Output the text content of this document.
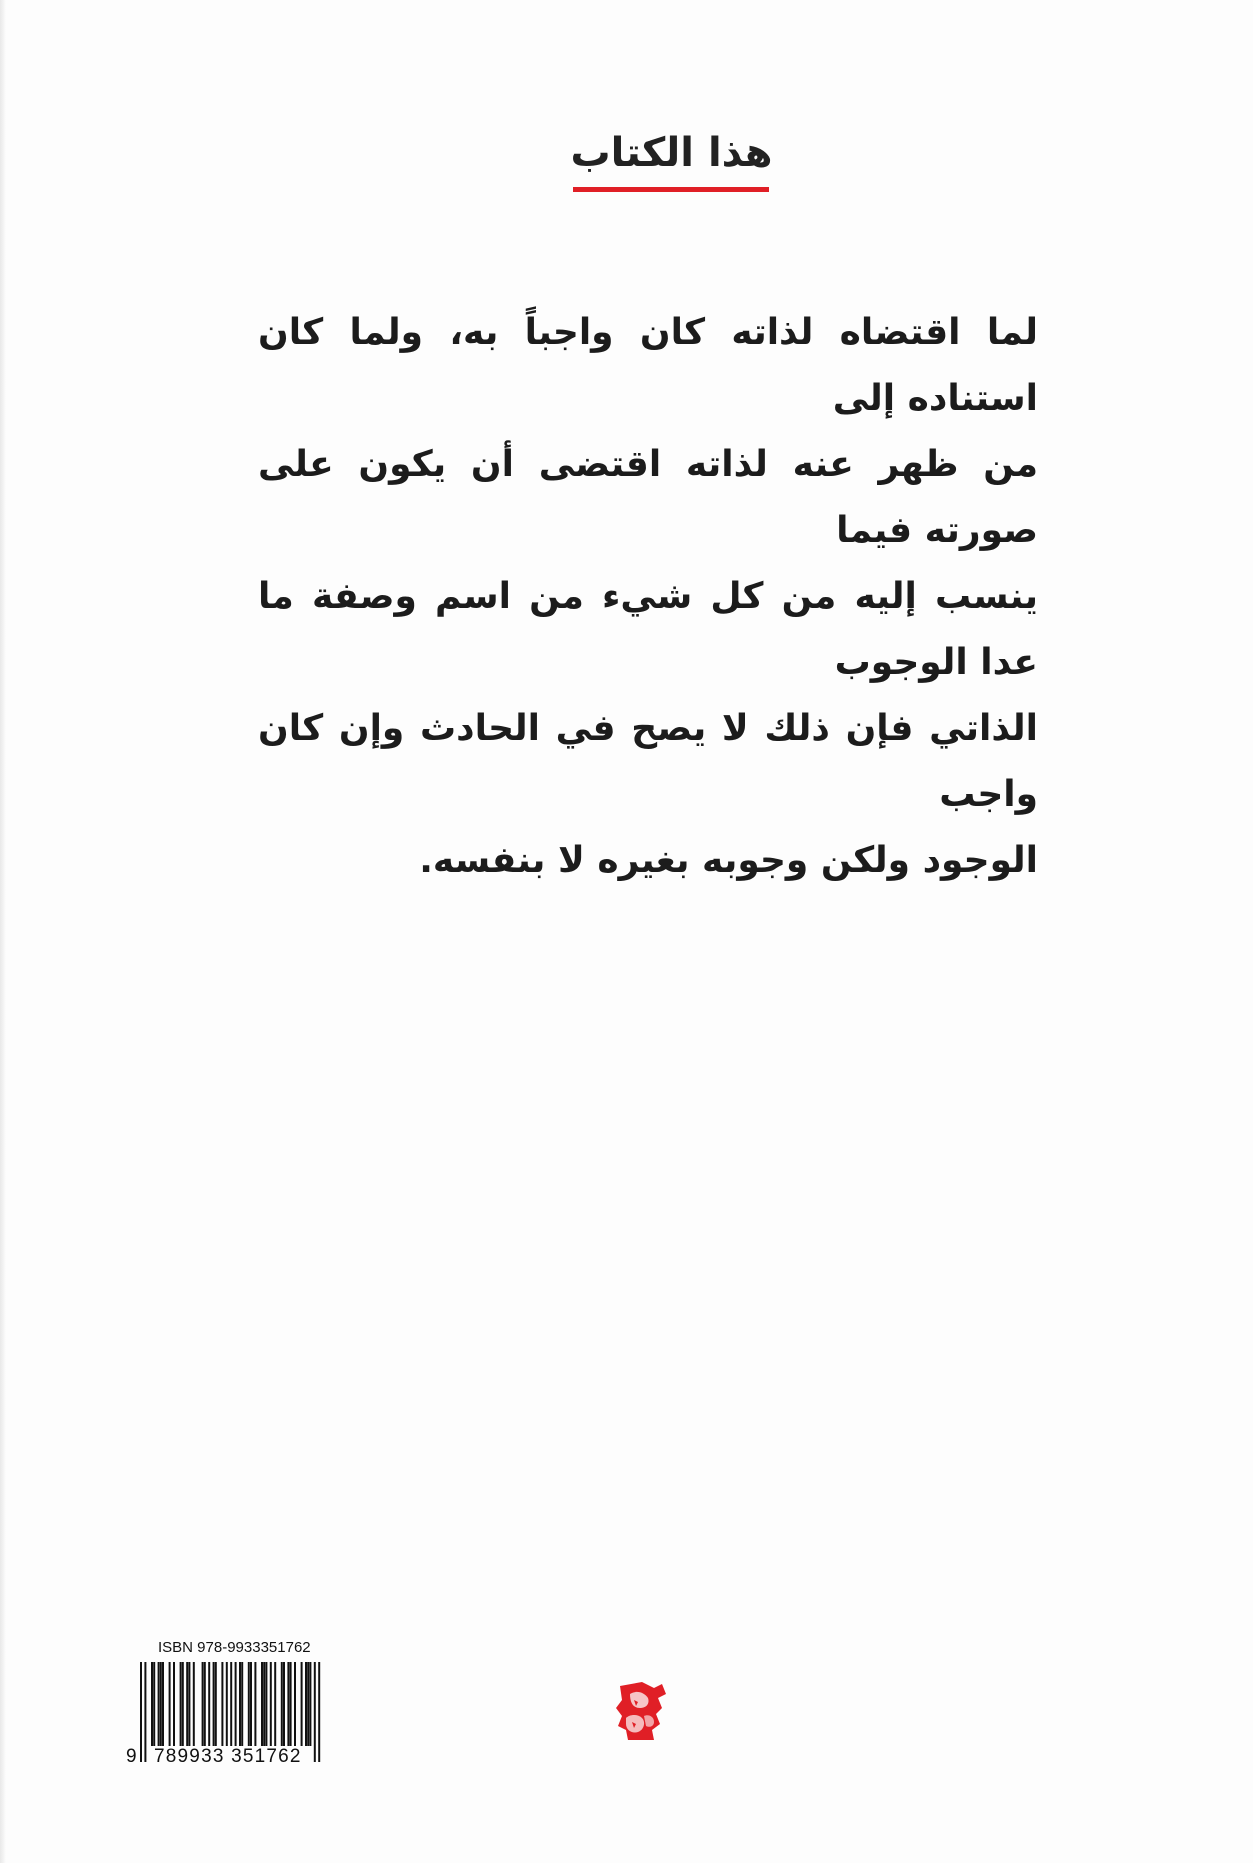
هذا الكتاب
لما اقتضاه لذاته كان واجباً به، ولما كان استناده إلى
من ظهر عنه لذاته اقتضى أن يكون على صورته فيما
ينسب إليه من كل شيء من اسم وصفة ما عدا الوجوب
الذاتي فإن ذلك لا يصح في الحادث وإن كان واجب
الوجود ولكن وجوبه بغيره لا بنفسه.
ISBN 978-9933351762
9 789933 351762
